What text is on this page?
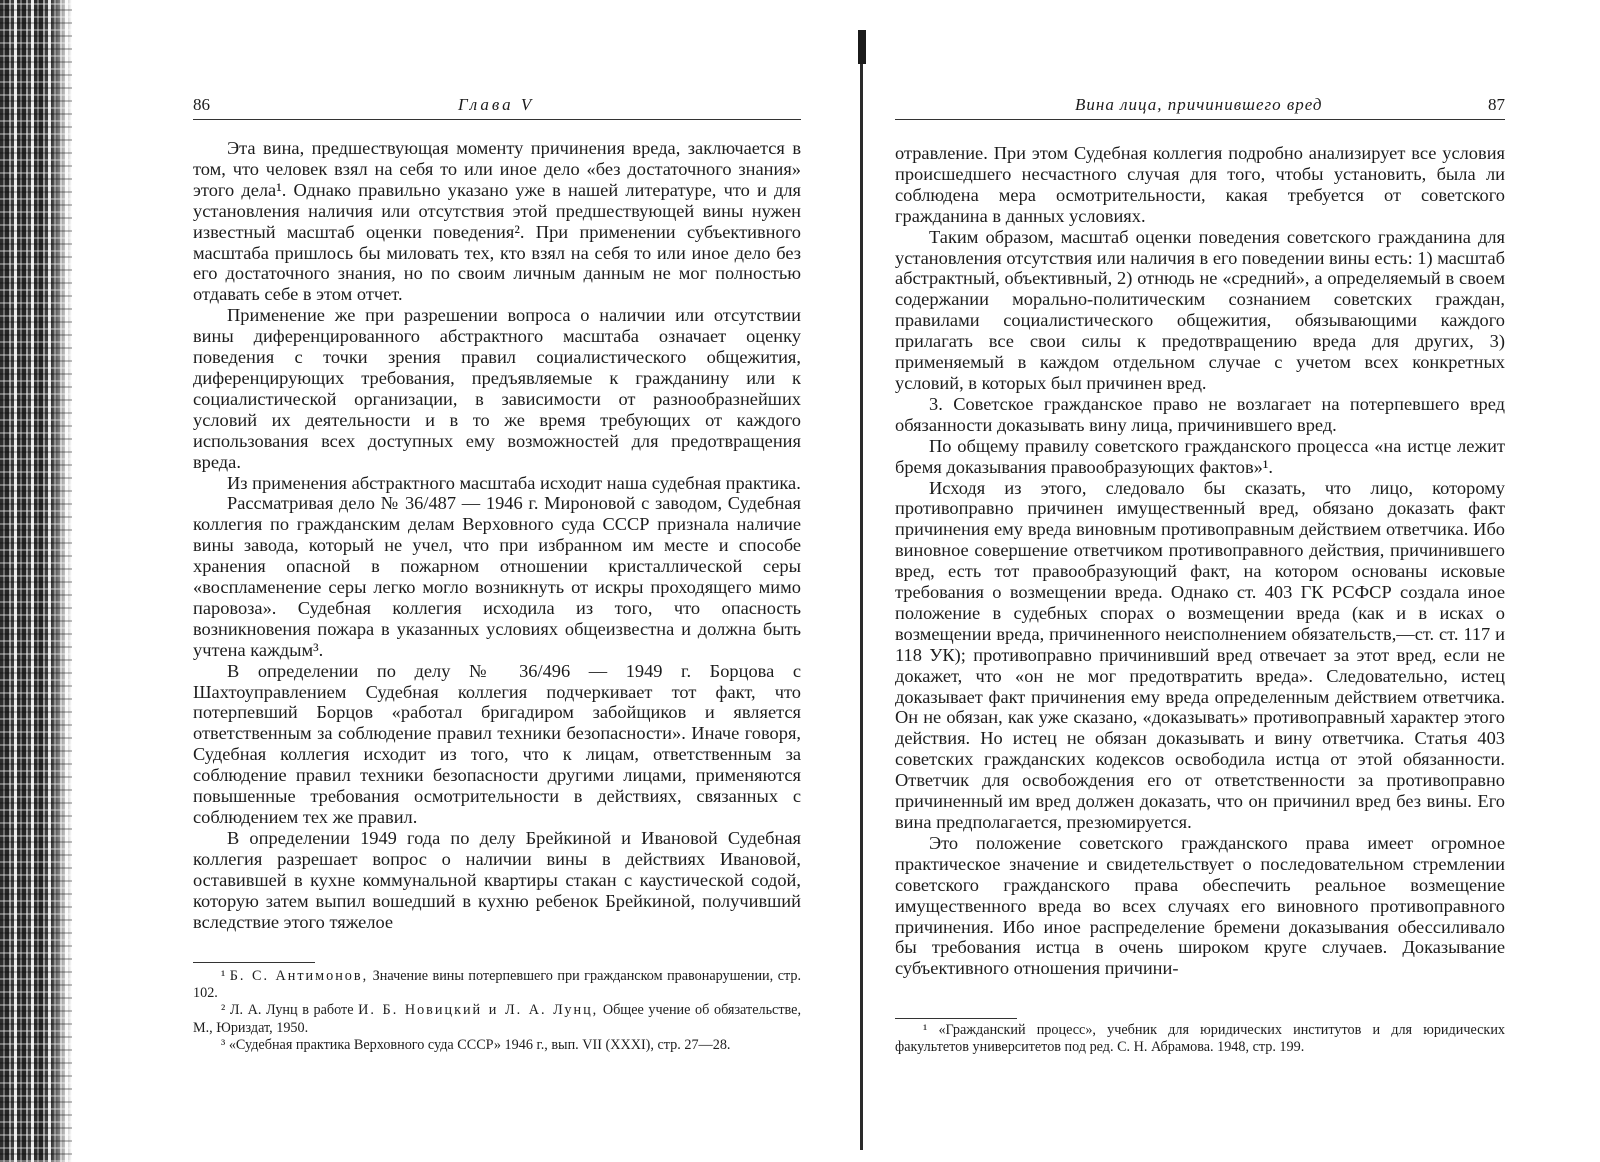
86	Глава V

Эта вина, предшествующая моменту причинения вреда, заключается в том, что человек взял на себя то или иное дело «без достаточного знания» этого дела¹. Однако правильно указано уже в нашей литературе, что и для установления наличия или отсутствия этой предшествующей вины нужен известный масштаб оценки поведения². При применении субъективного масштаба пришлось бы миловать тех, кто взял на себя то или иное дело без его достаточного знания, но по своим личным данным не мог полностью отдавать себе в этом отчет.

Применение же при разрешении вопроса о наличии или отсутствии вины диференцированного абстрактного масштаба означает оценку поведения с точки зрения правил социалистического общежития, диференцирующих требования, предъявляемые к гражданину или к социалистической организации, в зависимости от разнообразнейших условий их деятельности и в то же время требующих от каждого использования всех доступных ему возможностей для предотвращения вреда.

Из применения абстрактного масштаба исходит наша судебная практика.

Рассматривая дело № 36/487 — 1946 г. Мироновой с заводом, Судебная коллегия по гражданским делам Верховного суда СССР признала наличие вины завода, который не учел, что при избранном им месте и способе хранения опасной в пожарном отношении кристаллической серы «воспламенение серы легко могло возникнуть от искры проходящего мимо паровоза». Судебная коллегия исходила из того, что опасность возникновения пожара в указанных условиях общеизвестна и должна быть учтена каждым³.

В определении по делу № 36/496 — 1949 г. Борцова с Шахтоуправлением Судебная коллегия подчеркивает тот факт, что потерпевший Борцов «работал бригадиром забойщиков и является ответственным за соблюдение правил техники безопасности». Иначе говоря, Судебная коллегия исходит из того, что к лицам, ответственным за соблюдение правил техники безопасности другими лицами, применяются повышенные требования осмотрительности в действиях, связанных с соблюдением тех же правил.

В определении 1949 года по делу Брейкиной и Ивановой Судебная коллегия разрешает вопрос о наличии вины в действиях Ивановой, оставившей в кухне коммунальной квартиры стакан с каустической содой, которую затем выпил вошедший в кухню ребенок Брейкиной, получивший вследствие этого тяжелое

¹ Б. С. Антимонов, Значение вины потерпевшего при гражданском правонарушении, стр. 102.

² Л. А. Лунц в работе И. Б. Новицкий и Л. А. Лунц, Общее учение об обязательстве, М., Юриздат, 1950.

³ «Судебная практика Верховного суда СССР» 1946 г., вып. VII (XXXI), стр. 27—28.

Вина лица, причинившего вред	87

отравление. При этом Судебная коллегия подробно анализирует все условия происшедшего несчастного случая для того, чтобы установить, была ли соблюдена мера осмотрительности, какая требуется от советского гражданина в данных условиях.

Таким образом, масштаб оценки поведения советского гражданина для установления отсутствия или наличия в его поведении вины есть: 1) масштаб абстрактный, объективный, 2) отнюдь не «средний», а определяемый в своем содержании морально-политическим сознанием советских граждан, правилами социалистического общежития, обязывающими каждого прилагать все свои силы к предотвращению вреда для других, 3) применяемый в каждом отдельном случае с учетом всех конкретных условий, в которых был причинен вред.

3. Советское гражданское право не возлагает на потерпевшего вред обязанности доказывать вину лица, причинившего вред.

По общему правилу советского гражданского процесса «на истце лежит бремя доказывания правообразующих фактов»¹.

Исходя из этого, следовало бы сказать, что лицо, которому противоправно причинен имущественный вред, обязано доказать факт причинения ему вреда виновным противоправным действием ответчика. Ибо виновное совершение ответчиком противоправного действия, причинившего вред, есть тот правообразующий факт, на котором основаны исковые требования о возмещении вреда. Однако ст. 403 ГК РСФСР создала иное положение в судебных спорах о возмещении вреда (как и в исках о возмещении вреда, причиненного неисполнением обязательств,—ст. ст. 117 и 118 УК); противоправно причинивший вред отвечает за этот вред, если не докажет, что «он не мог предотвратить вреда». Следовательно, истец доказывает факт причинения ему вреда определенным действием ответчика. Он не обязан, как уже сказано, «доказывать» противоправный характер этого действия. Но истец не обязан доказывать и вину ответчика. Статья 403 советских гражданских кодексов освободила истца от этой обязанности. Ответчик для освобождения его от ответственности за противоправно причиненный им вред должен доказать, что он причинил вред без вины. Его вина предполагается, презюмируется.

Это положение советского гражданского права имеет огромное практическое значение и свидетельствует о последовательном стремлении советского гражданского права обеспечить реальное возмещение имущественного вреда во всех случаях его виновного противоправного причинения. Ибо иное распределение бремени доказывания обессиливало бы требования истца в очень широком круге случаев. Доказывание субъективного отношения причини-

¹ «Гражданский процесс», учебник для юридических институтов и для юридических факультетов университетов под ред. С. Н. Абрамова. 1948, стр. 199.
